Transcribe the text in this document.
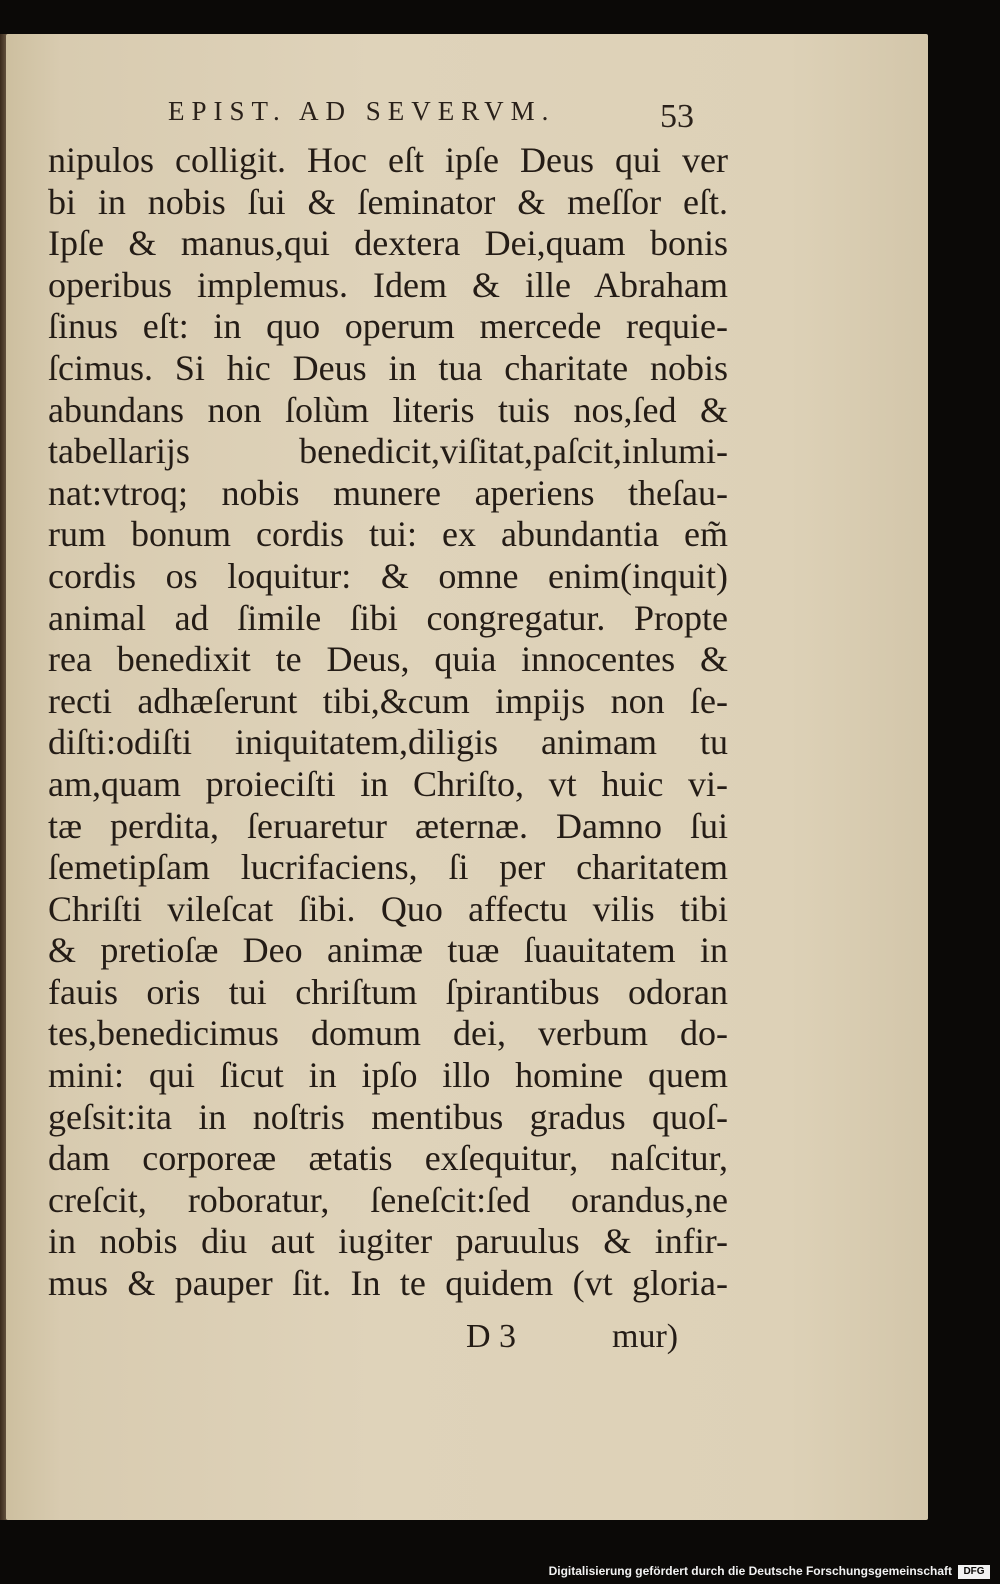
EPIST. AD SEVERVM.	53
nipulos colligit. Hoc eſt ipſe Deus qui ver
bi in nobis ſui & ſeminator & meſſor eſt.
Ipſe & manus,qui dextera Dei,quam bonis
operibus implemus. Idem & ille Abraham
ſinus eſt: in quo operum mercede requie-
ſcimus. Si hic Deus in tua charitate nobis
abundans non ſolùm literis tuis nos,ſed &
tabellarijs benedicit,viſitat,paſcit,inlumi-
nat:vtroq; nobis munere aperiens theſau-
rum bonum cordis tui: ex abundantia em̃
cordis os loquitur: & omne enim(inquit)
animal ad ſimile ſibi congregatur. Propte
rea benedixit te Deus, quia innocentes &
recti adhæſerunt tibi,&cum impijs non ſe-
diſti:odiſti iniquitatem,diligis animam tu
am,quam proieciſti in Chriſto, vt huic vi-
tæ perdita, ſeruaretur æternæ. Damno ſui
ſemetipſam lucrifaciens, ſi per charitatem
Chriſti vileſcat ſibi. Quo affectu vilis tibi
& pretioſæ Deo animæ tuæ ſuauitatem in
fauis oris tui chriſtum ſpirantibus odoran
tes,benedicimus domum dei, verbum do-
mini: qui ſicut in ipſo illo homine quem
geſsit:ita in noſtris mentibus gradus quoſ-
dam corporeæ ætatis exſequitur, naſcitur,
creſcit, roboratur, ſeneſcit:ſed orandus,ne
in nobis diu aut iugiter paruulus & infir-
mus & pauper ſit. In te quidem (vt gloria-
D 3	mur)
Digitalisierung gefördert durch die Deutsche Forschungsgemeinschaft	DFG
